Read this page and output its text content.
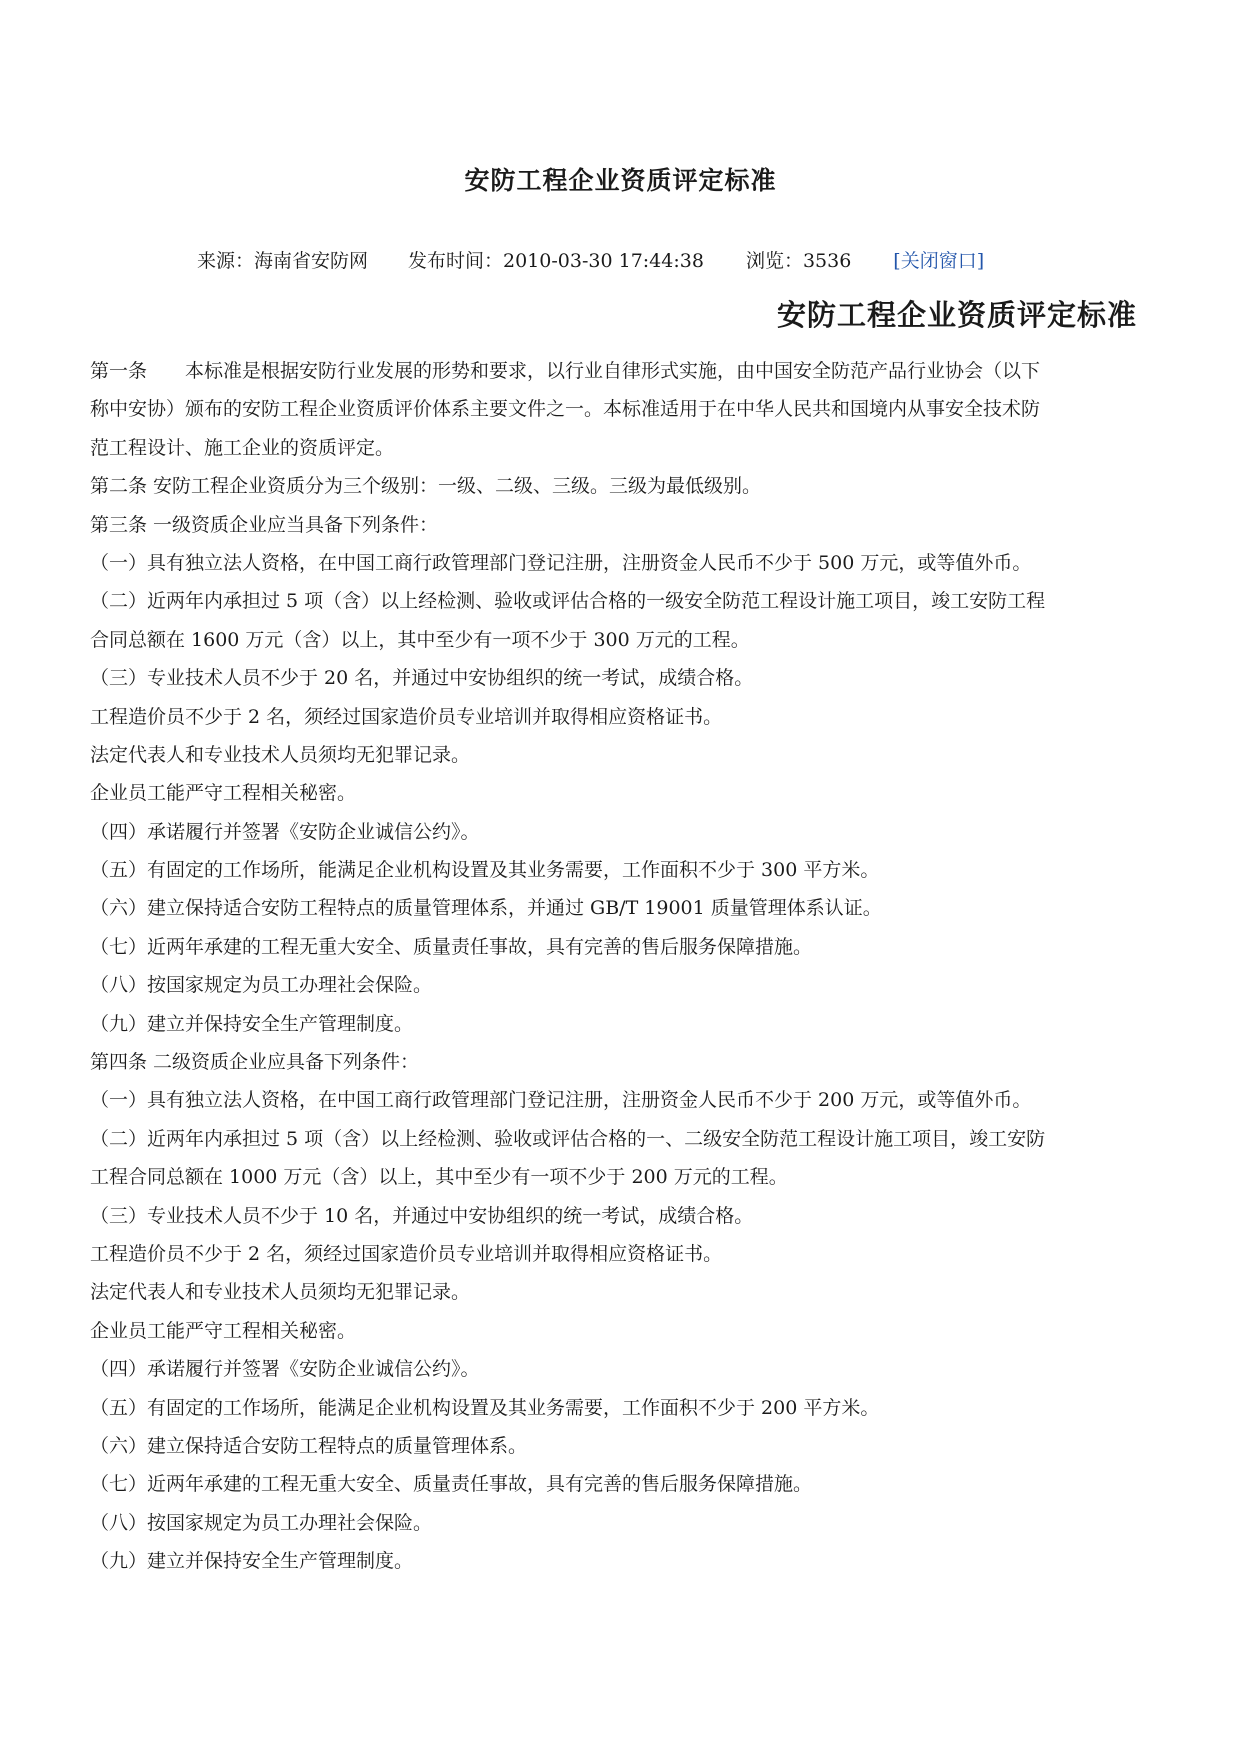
安防工程企业资质评定标准
来源：海南省安防网 发布时间：2010-03-30 17:44:38 浏览：3536 [关闭窗口]
安防工程企业资质评定标准
第一条　　本标准是根据安防行业发展的形势和要求，以行业自律形式实施，由中国安全防范产品行业协会（以下
称中安协）颁布的安防工程企业资质评价体系主要文件之一。本标准适用于在中华人民共和国境内从事安全技术防
范工程设计、施工企业的资质评定。
第二条 安防工程企业资质分为三个级别：一级、二级、三级。三级为最低级别。
第三条 一级资质企业应当具备下列条件：
（一）具有独立法人资格，在中国工商行政管理部门登记注册，注册资金人民币不少于 500 万元，或等值外币。
（二）近两年内承担过 5 项（含）以上经检测、验收或评估合格的一级安全防范工程设计施工项目，竣工安防工程
合同总额在 1600 万元（含）以上，其中至少有一项不少于 300 万元的工程。
（三）专业技术人员不少于 20 名，并通过中安协组织的统一考试，成绩合格。
工程造价员不少于 2 名，须经过国家造价员专业培训并取得相应资格证书。
法定代表人和专业技术人员须均无犯罪记录。
企业员工能严守工程相关秘密。
（四）承诺履行并签署《安防企业诚信公约》。
（五）有固定的工作场所，能满足企业机构设置及其业务需要，工作面积不少于 300 平方米。
（六）建立保持适合安防工程特点的质量管理体系，并通过 GB/T 19001 质量管理体系认证。
（七）近两年承建的工程无重大安全、质量责任事故，具有完善的售后服务保障措施。
（八）按国家规定为员工办理社会保险。
（九）建立并保持安全生产管理制度。
第四条 二级资质企业应具备下列条件：
（一）具有独立法人资格，在中国工商行政管理部门登记注册，注册资金人民币不少于 200 万元，或等值外币。
（二）近两年内承担过 5 项（含）以上经检测、验收或评估合格的一、二级安全防范工程设计施工项目，竣工安防
工程合同总额在 1000 万元（含）以上，其中至少有一项不少于 200 万元的工程。
（三）专业技术人员不少于 10 名，并通过中安协组织的统一考试，成绩合格。
工程造价员不少于 2 名，须经过国家造价员专业培训并取得相应资格证书。
法定代表人和专业技术人员须均无犯罪记录。
企业员工能严守工程相关秘密。
（四）承诺履行并签署《安防企业诚信公约》。
（五）有固定的工作场所，能满足企业机构设置及其业务需要，工作面积不少于 200 平方米。
（六）建立保持适合安防工程特点的质量管理体系。
（七）近两年承建的工程无重大安全、质量责任事故，具有完善的售后服务保障措施。
（八）按国家规定为员工办理社会保险。
（九）建立并保持安全生产管理制度。
